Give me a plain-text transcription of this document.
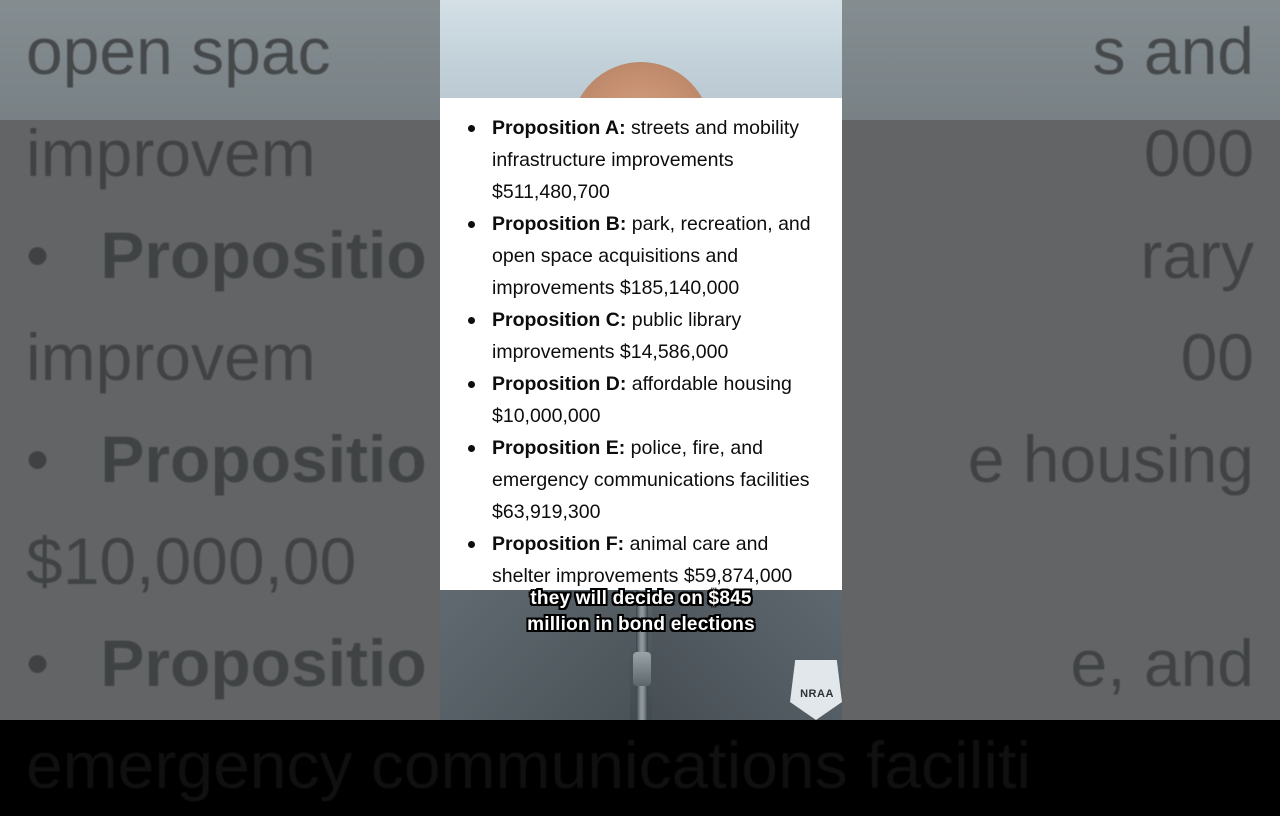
emergency communications faciliti
NRAA
Proposition A: streets and mobility infrastructure improvements $511,480,700
Proposition B: park, recreation, and open space acquisitions and improvements $185,140,000
Proposition C: public library improvements $14,586,000
Proposition D: affordable housing $10,000,000
Proposition E: police, fire, and emergency communications facilities $63,919,300
Proposition F: animal care and shelter improvements $59,874,000
they will decide on $845
million in bond elections
